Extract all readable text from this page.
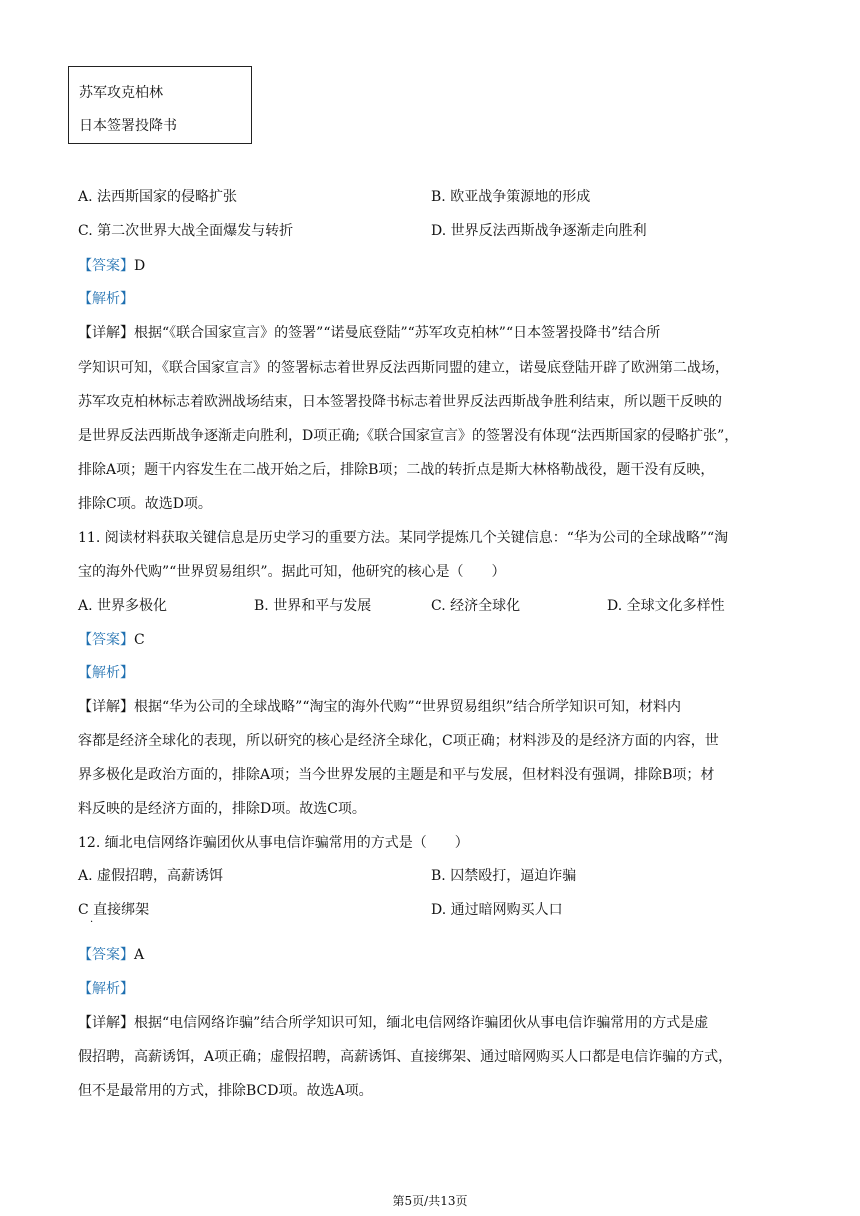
苏军攻克柏林
日本签署投降书
A. 法西斯国家的侵略扩张	B. 欧亚战争策源地的形成
C. 第二次世界大战全面爆发与转折	D. 世界反法西斯战争逐渐走向胜利
【答案】D
【解析】
【详解】根据“《联合国家宣言》的签署”“诺曼底登陆”“苏军攻克柏林”“日本签署投降书”结合所
学知识可知，《联合国家宣言》的签署标志着世界反法西斯同盟的建立，诺曼底登陆开辟了欧洲第二战场，
苏军攻克柏林标志着欧洲战场结束，日本签署投降书标志着世界反法西斯战争胜利结束，所以题干反映的
是世界反法西斯战争逐渐走向胜利，D项正确;《联合国家宣言》的签署没有体现“法西斯国家的侵略扩张”，
排除A项；题干内容发生在二战开始之后，排除B项；二战的转折点是斯大林格勒战役，题干没有反映，
排除C项。故选D项。
11. 阅读材料获取关键信息是历史学习的重要方法。某同学提炼几个关键信息：“华为公司的全球战略”“淘
宝的海外代购”“世界贸易组织”。据此可知，他研究的核心是（　　）
A. 世界多极化	B. 世界和平与发展	C. 经济全球化	D. 全球文化多样性
【答案】C
【解析】
【详解】根据“华为公司的全球战略”“淘宝的海外代购”“世界贸易组织”结合所学知识可知，材料内
容都是经济全球化的表现，所以研究的核心是经济全球化，C项正确；材料涉及的是经济方面的内容，世
界多极化是政治方面的，排除A项；当今世界发展的主题是和平与发展，但材料没有强调，排除B项；材
料反映的是经济方面的，排除D项。故选C项。
12. 缅北电信网络诈骗团伙从事电信诈骗常用的方式是（　　）
A. 虚假招聘，高薪诱饵	B. 囚禁殴打，逼迫诈骗
C 直接绑架	D. 通过暗网购买人口
·
【答案】A
【解析】
【详解】根据“电信网络诈骗”结合所学知识可知，缅北电信网络诈骗团伙从事电信诈骗常用的方式是虚
假招聘，高薪诱饵，A项正确；虚假招聘，高薪诱饵、直接绑架、通过暗网购买人口都是电信诈骗的方式，
但不是最常用的方式，排除BCD项。故选A项。
第5页/共13页
